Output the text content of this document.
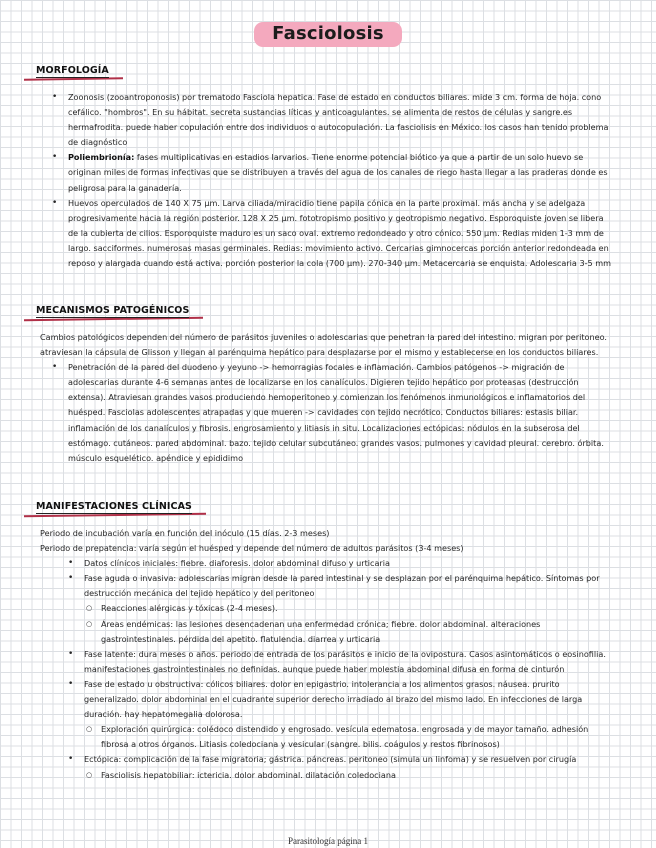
Fasciolosis
MORFOLOGÍA
• Zoonosis (zooantroponosis) por trematodo Fasciola hepatica. Fase de estado en conductos biliares. mide 3 cm. forma de hoja. cono cefálico. "hombros". En su hábitat. secreta sustancias líticas y anticoagulantes. se alimenta de restos de células y sangre.es hermafrodita. puede haber copulación entre dos individuos o autocopulación. La fasciolisis en México. los casos han tenido problema de diagnóstico
• Poliembrionía: fases multiplicativas en estadios larvarios. Tiene enorme potencial biótico ya que a partir de un solo huevo se originan miles de formas infectivas que se distribuyen a través del agua de los canales de riego hasta llegar a las praderas donde es peligrosa para la ganadería.
• Huevos operculados de 140 X 75 μm. Larva ciliada/miracidio tiene papila cónica en la parte proximal. más ancha y se adelgaza progresivamente hacia la región posterior. 128 X 25 μm. fototropismo positivo y geotropismo negativo. Esporoquiste joven se libera de la cubierta de cilios. Esporoquiste maduro es un saco oval. extremo redondeado y otro cónico. 550 μm. Redias miden 1-3 mm de largo. sacciformes. numerosas masas germinales. Redias: movimiento activo. Cercarias gimnocercas porción anterior redondeada en reposo y alargada cuando está activa. porción posterior la cola (700 μm). 270-340 μm. Metacercaria se enquista. Adolescaria 3-5 mm
MECANISMOS PATOGÉNICOS
Cambios patológicos dependen del número de parásitos juveniles o adolescarias que penetran la pared del intestino. migran por peritoneo. atraviesan la cápsula de Glisson y llegan al parénquima hepático para desplazarse por el mismo y establecerse en los conductos biliares.
• Penetración de la pared del duodeno y yeyuno -> hemorragias focales e inflamación. Cambios patógenos -> migración de adolescarias durante 4-6 semanas antes de localizarse en los canalículos. Digieren tejido hepático por proteasas (destrucción extensa). Atraviesan grandes vasos produciendo hemoperitoneo y comienzan los fenómenos inmunológicos e inflamatorios del huésped. Fasciolas adolescentes atrapadas y que mueren -> cavidades con tejido necrótico. Conductos biliares: estasis biliar. inflamación de los canalículos y fibrosis. engrosamiento y litiasis in situ. Localizaciones ectópicas: nódulos en la subserosa del estómago. cutáneos. pared abdominal. bazo. tejido celular subcutáneo. grandes vasos. pulmones y cavidad pleural. cerebro. órbita. músculo esquelético. apéndice y epididimo
MANIFESTACIONES CLÍNICAS
Periodo de incubación varía en función del inóculo (15 días. 2-3 meses)
Periodo de prepatencia: varía según el huésped y depende del número de adultos parásitos (3-4 meses)
• Datos clínicos iniciales: fiebre. diaforesis. dolor abdominal difuso y urticaria
• Fase aguda o invasiva: adolescarias migran desde la pared intestinal y se desplazan por el parénquima hepático. Síntomas por destrucción mecánica del tejido hepático y del peritoneo
○ Reacciones alérgicas y tóxicas (2-4 meses).
○ Áreas endémicas: las lesiones desencadenan una enfermedad crónica; fiebre. dolor abdominal. alteraciones gastrointestinales. pérdida del apetito. flatulencia. diarrea y urticaria
• Fase latente: dura meses o años. periodo de entrada de los parásitos e inicio de la ovipostura. Casos asintomáticos o eosinofilia. manifestaciones gastrointestinales no definidas. aunque puede haber molestia abdominal difusa en forma de cinturón
• Fase de estado u obstructiva: cólicos biliares. dolor en epigastrio. intolerancia a los alimentos grasos. náusea. prurito generalizado. dolor abdominal en el cuadrante superior derecho irradiado al brazo del mismo lado. En infecciones de larga duración. hay hepatomegalia dolorosa.
○ Exploración quirúrgica: colédoco distendido y engrosado. vesícula edematosa. engrosada y de mayor tamaño. adhesión fibrosa a otros órganos. Litiasis coledociana y vesicular (sangre. bilis. coágulos y restos fibrinosos)
• Ectópica: complicación de la fase migratoria; gástrica. páncreas. peritoneo (simula un linfoma) y se resuelven por cirugía
○ Fasciolisis hepatobiliar: ictericia. dolor abdominal. dilatación coledociana
Parasitología página 1
